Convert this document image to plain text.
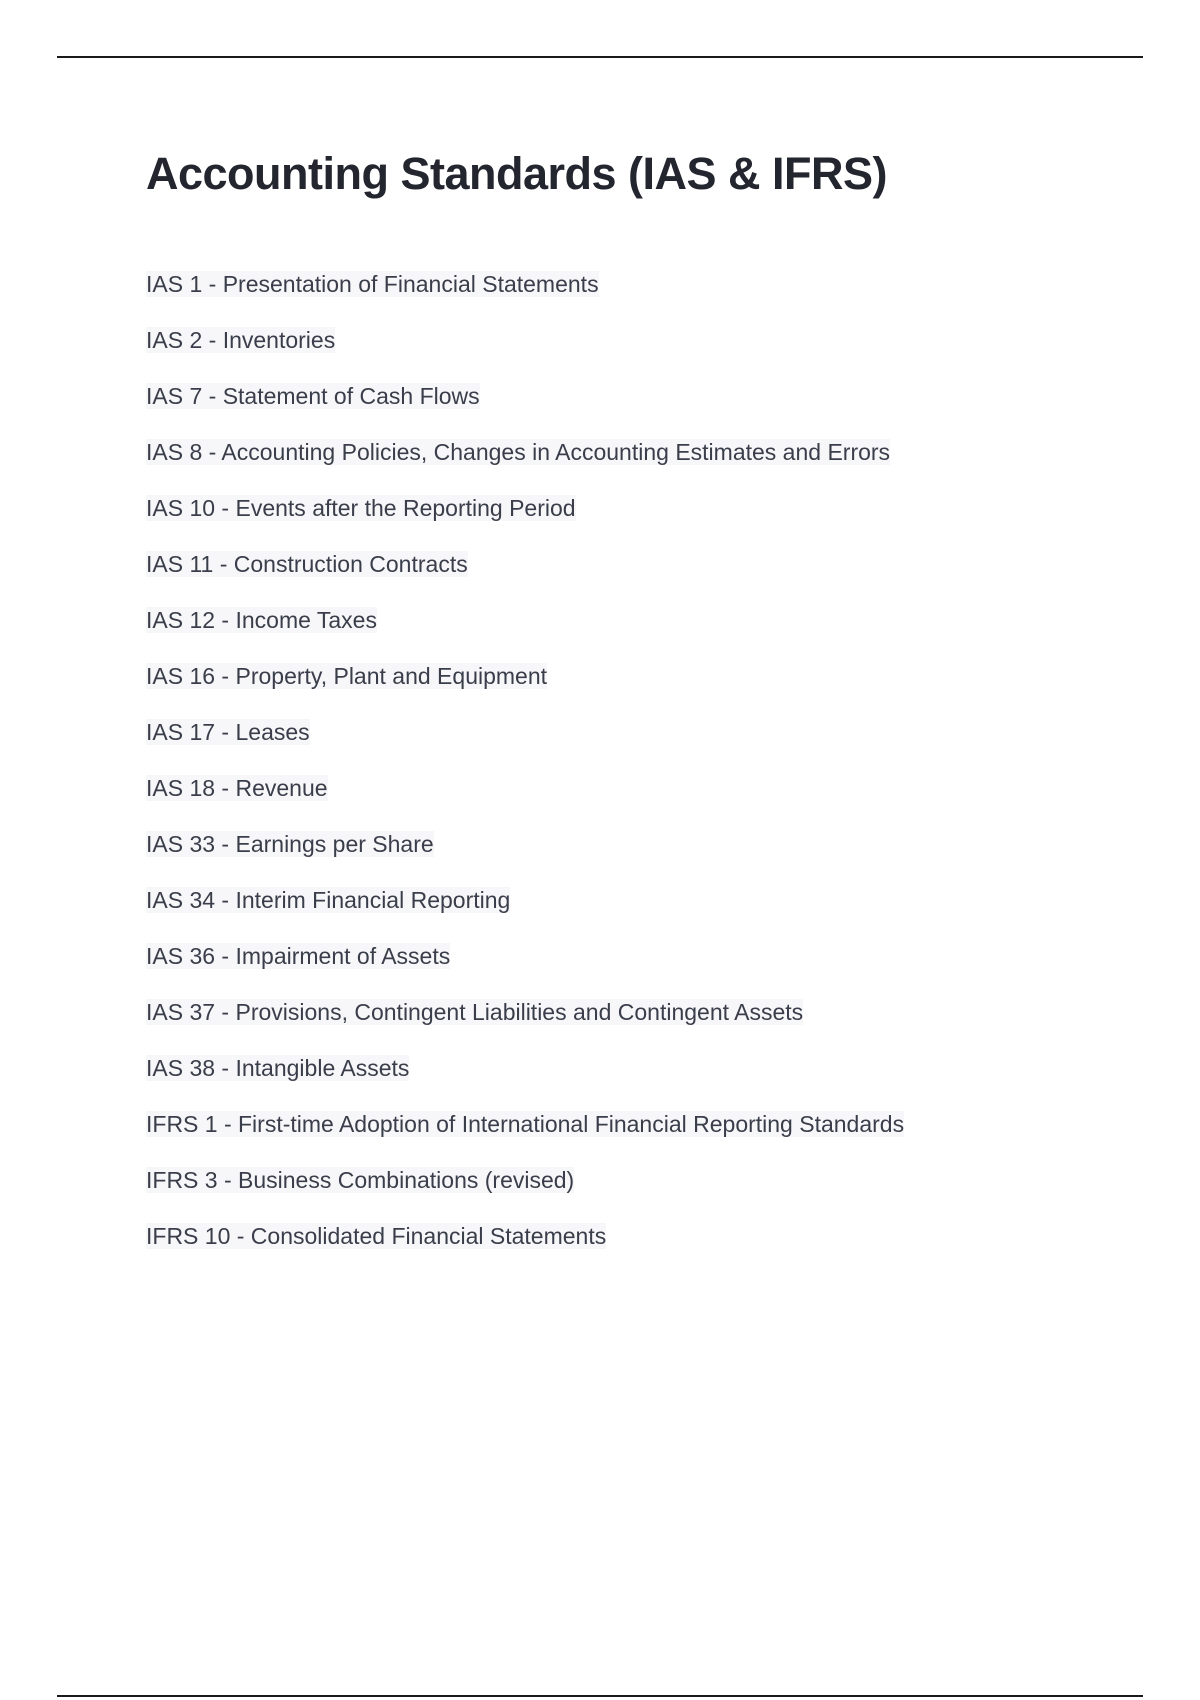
Accounting Standards (IAS & IFRS)
IAS 1 - Presentation of Financial Statements
IAS 2 - Inventories
IAS 7 - Statement of Cash Flows
IAS 8 - Accounting Policies, Changes in Accounting Estimates and Errors
IAS 10 - Events after the Reporting Period
IAS 11 - Construction Contracts
IAS 12 - Income Taxes
IAS 16 - Property, Plant and Equipment
IAS 17 - Leases
IAS 18 - Revenue
IAS 33 - Earnings per Share
IAS 34 - Interim Financial Reporting
IAS 36 - Impairment of Assets
IAS 37 - Provisions, Contingent Liabilities and Contingent Assets
IAS 38 - Intangible Assets
IFRS 1 - First-time Adoption of International Financial Reporting Standards
IFRS 3 - Business Combinations (revised)
IFRS 10 - Consolidated Financial Statements
